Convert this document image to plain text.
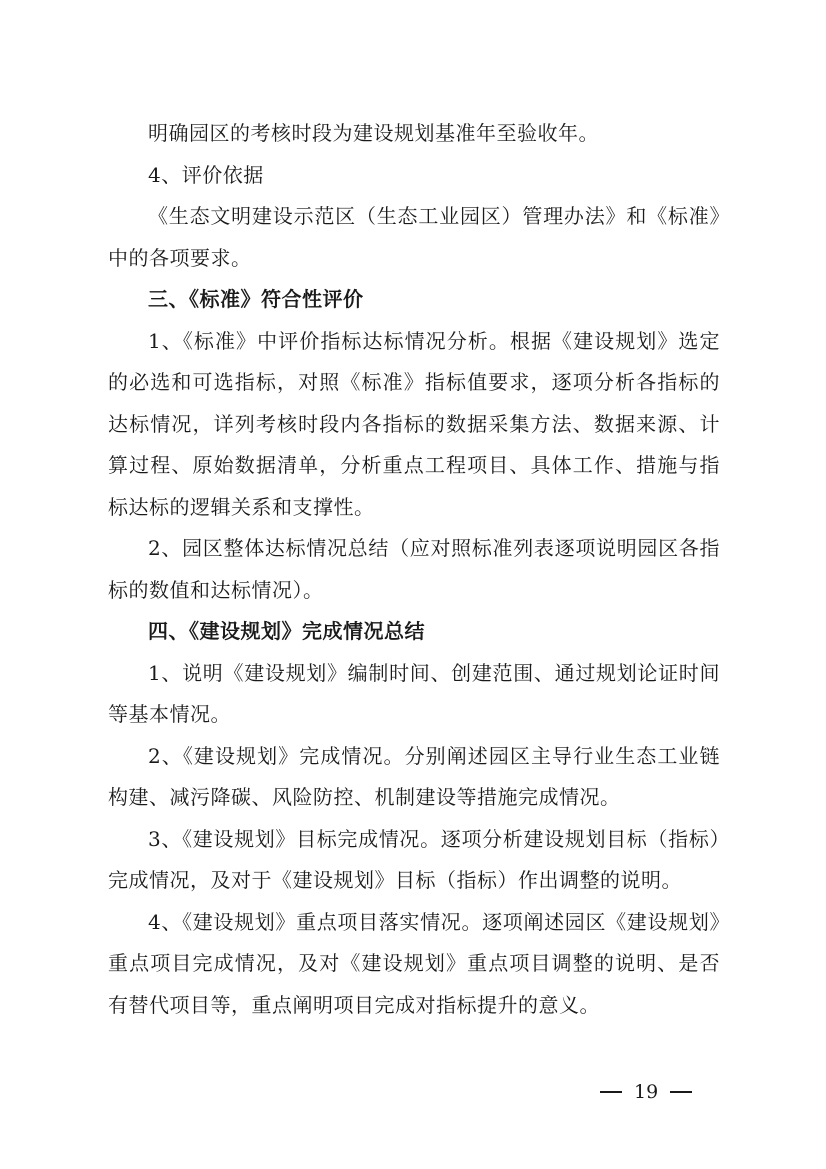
明确园区的考核时段为建设规划基准年至验收年。

4、评价依据

《生态文明建设示范区（生态工业园区）管理办法》和《标准》中的各项要求。

三、《标准》符合性评价

1、《标准》中评价指标达标情况分析。根据《建设规划》选定的必选和可选指标，对照《标准》指标值要求，逐项分析各指标的达标情况，详列考核时段内各指标的数据采集方法、数据来源、计算过程、原始数据清单，分析重点工程项目、具体工作、措施与指标达标的逻辑关系和支撑性。

2、园区整体达标情况总结（应对照标准列表逐项说明园区各指标的数值和达标情况）。

四、《建设规划》完成情况总结

1、说明《建设规划》编制时间、创建范围、通过规划论证时间等基本情况。

2、《建设规划》完成情况。分别阐述园区主导行业生态工业链构建、减污降碳、风险防控、机制建设等措施完成情况。

3、《建设规划》目标完成情况。逐项分析建设规划目标（指标）完成情况，及对于《建设规划》目标（指标）作出调整的说明。

4、《建设规划》重点项目落实情况。逐项阐述园区《建设规划》重点项目完成情况，及对《建设规划》重点项目调整的说明、是否有替代项目等，重点阐明项目完成对指标提升的意义。

19
